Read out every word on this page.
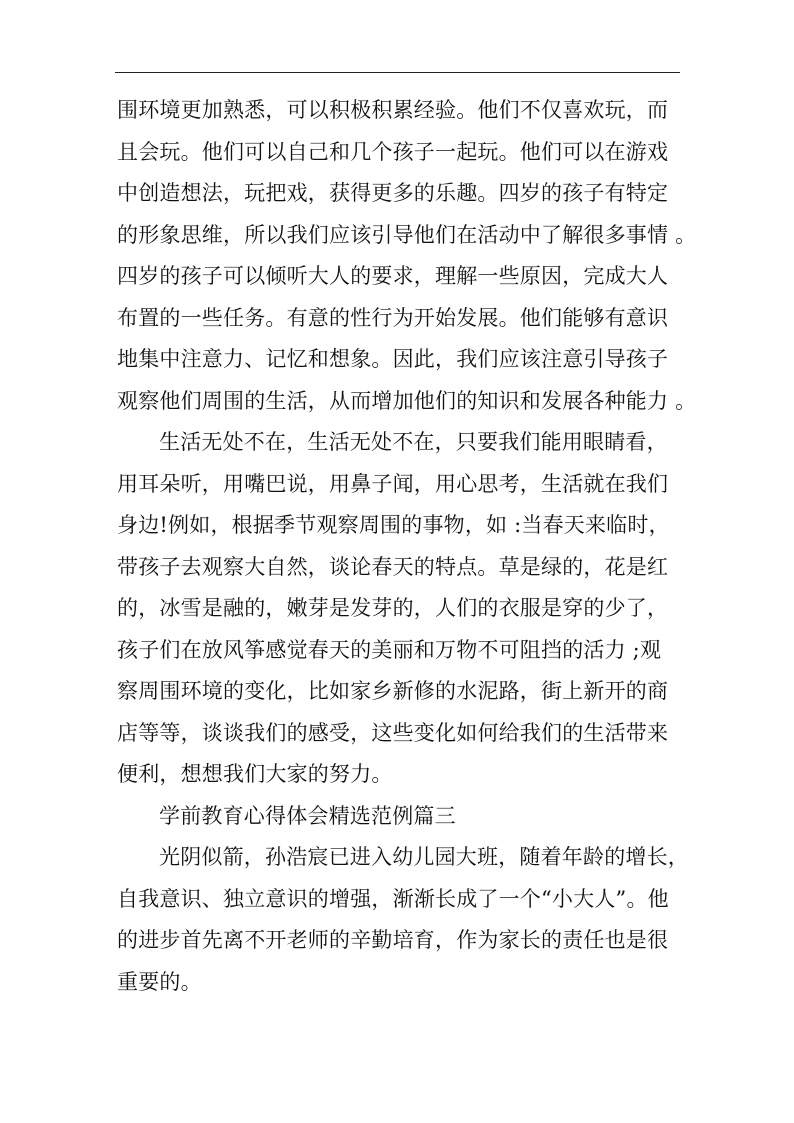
围环境更加熟悉，可以积极积累经验。他们不仅喜欢玩，而
且会玩。他们可以自己和几个孩子一起玩。他们可以在游戏
中创造想法，玩把戏，获得更多的乐趣。四岁的孩子有特定
的形象思维，所以我们应该引导他们在活动中了解很多事情 。
四岁的孩子可以倾听大人的要求，理解一些原因，完成大人
布置的一些任务。有意的性行为开始发展。他们能够有意识
地集中注意力、记忆和想象。因此，我们应该注意引导孩子
观察他们周围的生活，从而增加他们的知识和发展各种能力 。
生活无处不在，生活无处不在，只要我们能用眼睛看，
用耳朵听，用嘴巴说，用鼻子闻，用心思考，生活就在我们
身边!例如，根据季节观察周围的事物，如 :当春天来临时，
带孩子去观察大自然，谈论春天的特点。草是绿的，花是红
的，冰雪是融的，嫩芽是发芽的，人们的衣服是穿的少了，
孩子们在放风筝感觉春天的美丽和万物不可阻挡的活力 ;观
察周围环境的变化，比如家乡新修的水泥路，街上新开的商
店等等，谈谈我们的感受，这些变化如何给我们的生活带来
便利，想想我们大家的努力。
学前教育心得体会精选范例篇三
光阴似箭，孙浩宸已进入幼儿园大班，随着年龄的增长，
自我意识、独立意识的增强，渐渐长成了一个“小大人”。他
的进步首先离不开老师的辛勤培育，作为家长的责任也是很
重要的。
